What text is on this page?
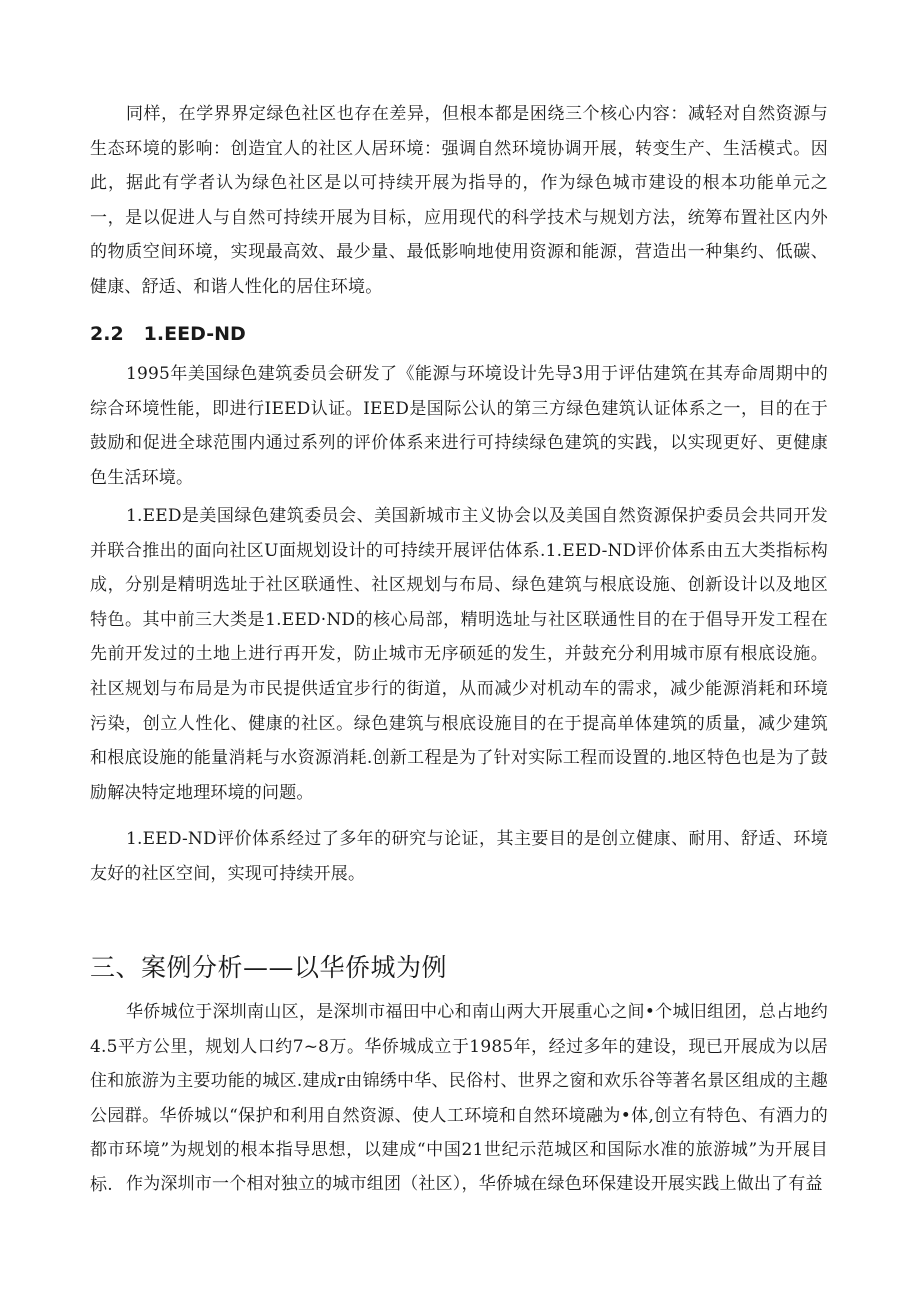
同样，在学界界定绿色社区也存在差异，但根本都是困绕三个核心内容：减轻对自然资源与生态环境的影响：创造宜人的社区人居环境：强调自然环境协调开展，转变生产、生活模式。因此，据此有学者认为绿色社区是以可持续开展为指导的，作为绿色城市建设的根本功能单元之一，是以促进人与自然可持续开展为目标，应用现代的科学技术与规划方法，统筹布置社区内外的物质空间环境，实现最高效、最少量、最低影响地使用资源和能源，营造出一种集约、低碳、健康、舒适、和谐人性化的居住环境。

2.2 1.EED-ND

1995年美国绿色建筑委员会研发了《能源与环境设计先导3用于评估建筑在其寿命周期中的综合环境性能，即进行IEED认证。IEED是国际公认的第三方绿色建筑认证体系之一，目的在于鼓励和促进全球范围内通过系列的评价体系来进行可持续绿色建筑的实践，以实现更好、更健康色生活环境。

1.EED是美国绿色建筑委员会、美国新城市主义协会以及美国自然资源保护委员会共同开发并联合推出的面向社区U面规划设计的可持续开展评估体系.1.EED-ND评价体系由五大类指标构成，分别是精明选址于社区联通性、社区规划与布局、绿色建筑与根底设施、创新设计以及地区特色。其中前三大类是1.EED·ND的核心局部，精明选址与社区联通性目的在于倡导开发工程在先前开发过的土地上进行再开发，防止城市无序硕延的发生，并鼓充分利用城市原有根底设施。社区规划与布局是为市民提供适宜步行的街道，从而减少对机动车的需求，减少能源消耗和环境污染，创立人性化、健康的社区。绿色建筑与根底设施目的在于提高单体建筑的质量，减少建筑和根底设施的能量消耗与水资源消耗.创新工程是为了针对实际工程而设置的.地区特色也是为了鼓励解决特定地理环境的问题。

1.EED-ND评价体系经过了多年的研究与论证，其主要目的是创立健康、耐用、舒适、环境友好的社区空间，实现可持续开展。

三、案例分析——以华侨城为例

华侨城位于深圳南山区，是深圳市福田中心和南山两大开展重心之间•个城旧组团，总占地约4.5平方公里，规划人口约7~8万。华侨城成立于1985年，经过多年的建设，现已开展成为以居住和旅游为主要功能的城区.建成r由锦绣中华、民俗村、世界之窗和欢乐谷等著名景区组成的主趣公园群。华侨城以“保护和利用自然资源、使人工环境和自然环境融为•体,创立有特色、有酒力的都市环境”为规划的根本指导思想，以建成“中国21世纪示范城区和国际水准的旅游城”为开展目标. 作为深圳市一个相对独立的城市组团（社区），华侨城在绿色环保建设开展实践上做出了有益
